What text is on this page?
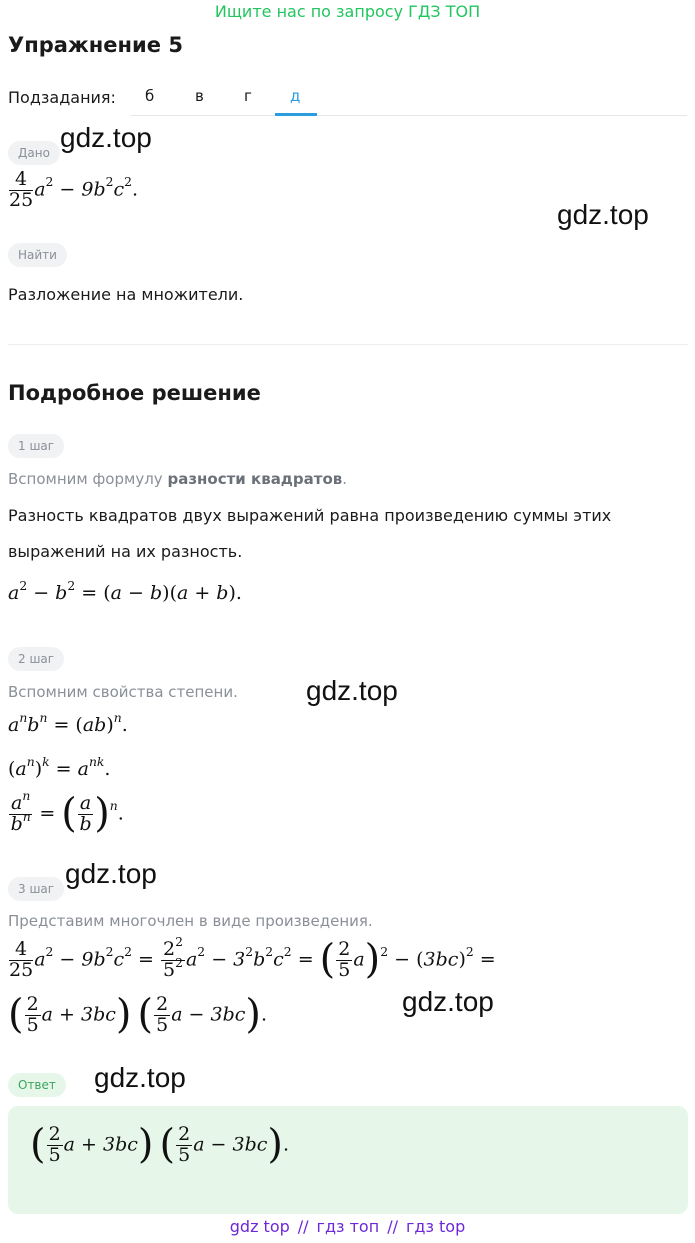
Ищите нас по запросу ГДЗ ТОП
Упражнение 5
Подзадания: б	в	г	д
Дано
$\frac{4}{25} a^2 - 9b^2c^2$.
Найти
Разложение на множители.
Подробное решение
1 шаг
Вспомним формулу разности квадратов.
Разность квадратов двух выражений равна произведению суммы этих
выражений на их разность.
$a^2 - b^2 = (a - b)(a + b)$.
2 шаг
Вспомним свойства степени.
$a^nb^n = (ab)^n$.
$(a^n)^k = a^{nk}$.
$\frac{a^n}{b^n}$ = ( $\frac{a}{b} )^n$.
3 шаг
Представим многочлен в виде произведения.
$\frac{4}{25} a^2 - 9b^2c^2 = \frac{2^2}{5^2} a^2 - 3^2b^2c^2$ = ( $\frac{2}{5} a)^2 - (3bc)^2$ =
( $\frac{2}{5}$ a + 3bc) ( $\frac{2}{5}$ a − 3bc).
Ответ
( $\frac{2}{5}$ a + 3bc) ( $\frac{2}{5}$ a − 3bc).
gdz.top
gdz.top
gdz.top
gdz.top
gdz.top
gdz.top
gdz top // гдз топ // гдз top
